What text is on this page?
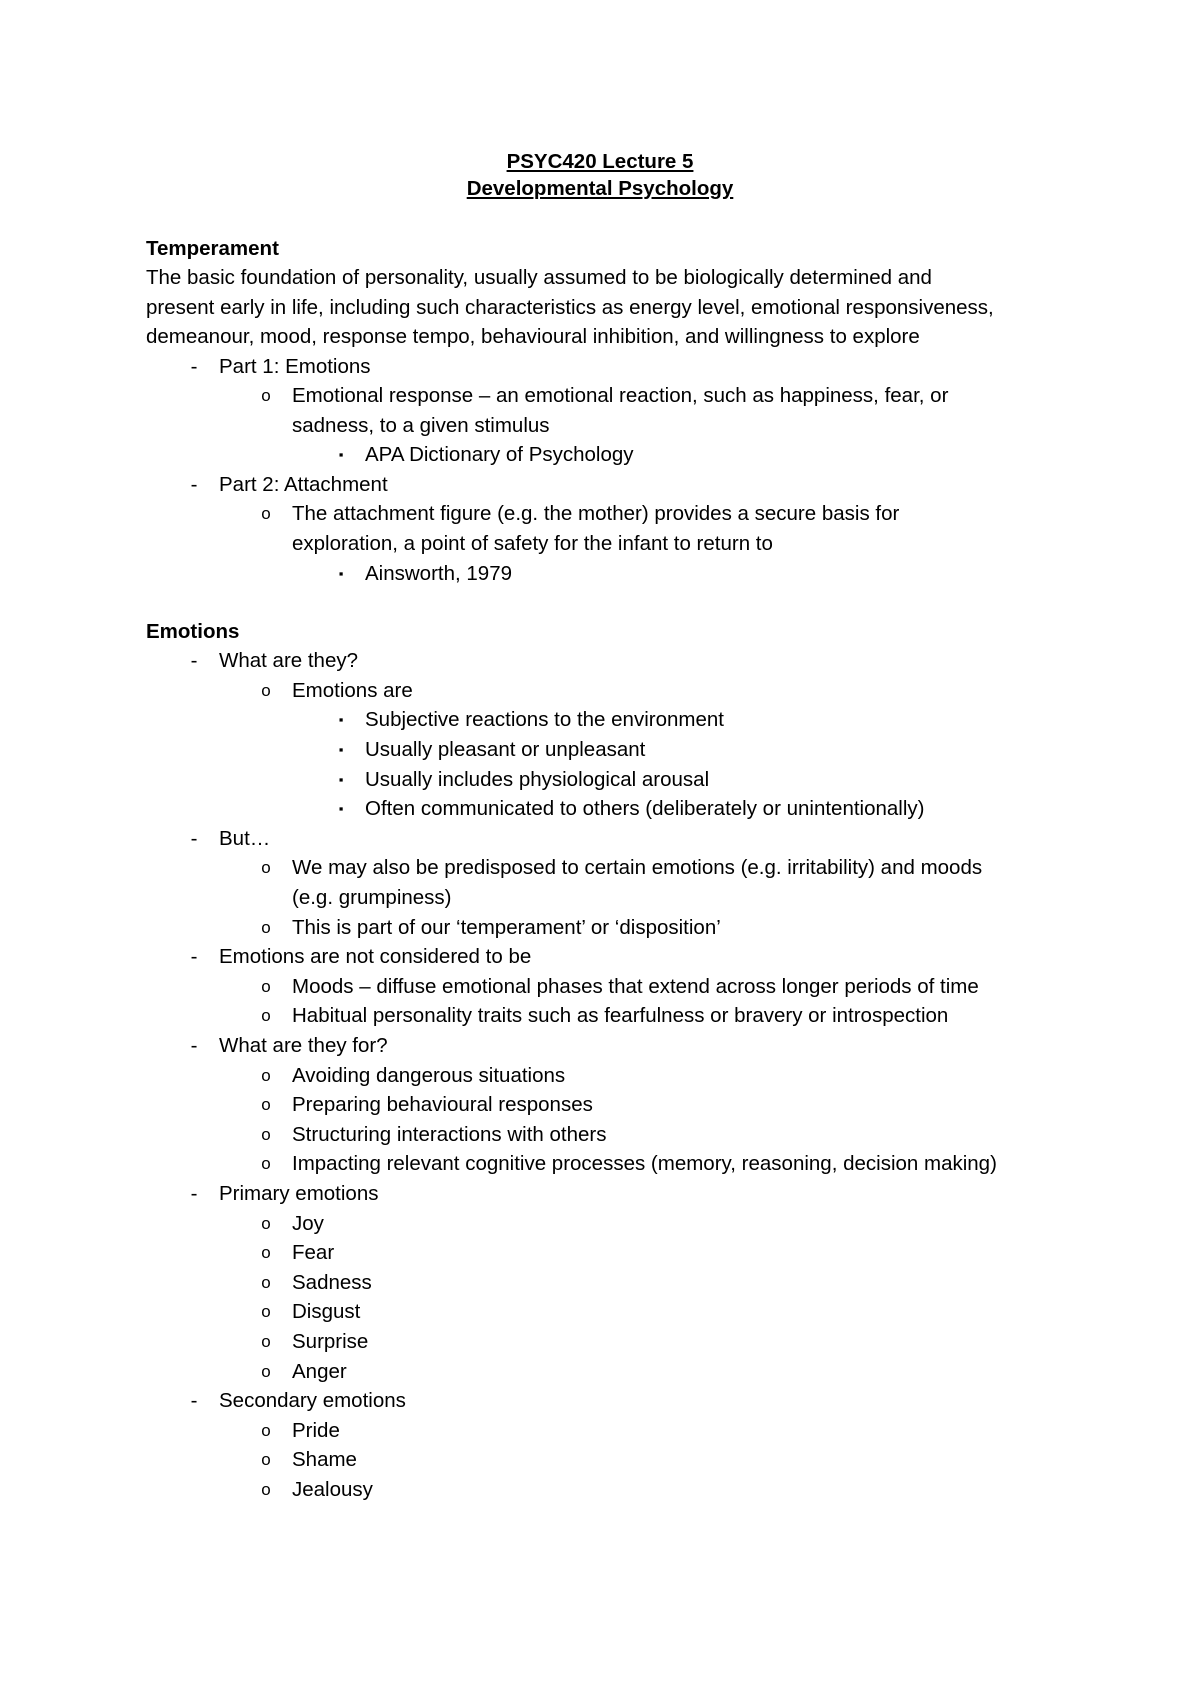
PSYC420 Lecture 5
Developmental Psychology
Temperament
The basic foundation of personality, usually assumed to be biologically determined and
present early in life, including such characteristics as energy level, emotional responsiveness,
demeanour, mood, response tempo, behavioural inhibition, and willingness to explore
-	Part 1: Emotions
o Emotional response – an emotional reaction, such as happiness, fear, or
sadness, to a given stimulus
▪	APA Dictionary of Psychology
-	Part 2: Attachment
o The attachment figure (e.g. the mother) provides a secure basis for
exploration, a point of safety for the infant to return to
▪	Ainsworth, 1979
Emotions
-	What are they?
o Emotions are
▪	Subjective reactions to the environment
▪	Usually pleasant or unpleasant
▪	Usually includes physiological arousal
▪	Often communicated to others (deliberately or unintentionally)
-	But…
o We may also be predisposed to certain emotions (e.g. irritability) and moods
(e.g. grumpiness)
o This is part of our ‘temperament’ or ‘disposition’
-	Emotions are not considered to be
o Moods – diffuse emotional phases that extend across longer periods of time
o Habitual personality traits such as fearfulness or bravery or introspection
-	What are they for?
o Avoiding dangerous situations
o Preparing behavioural responses
o Structuring interactions with others
o Impacting relevant cognitive processes (memory, reasoning, decision making)
-	Primary emotions
o Joy
o Fear
o Sadness
o Disgust
o Surprise
o Anger
-	Secondary emotions
o Pride
o Shame
o Jealousy
